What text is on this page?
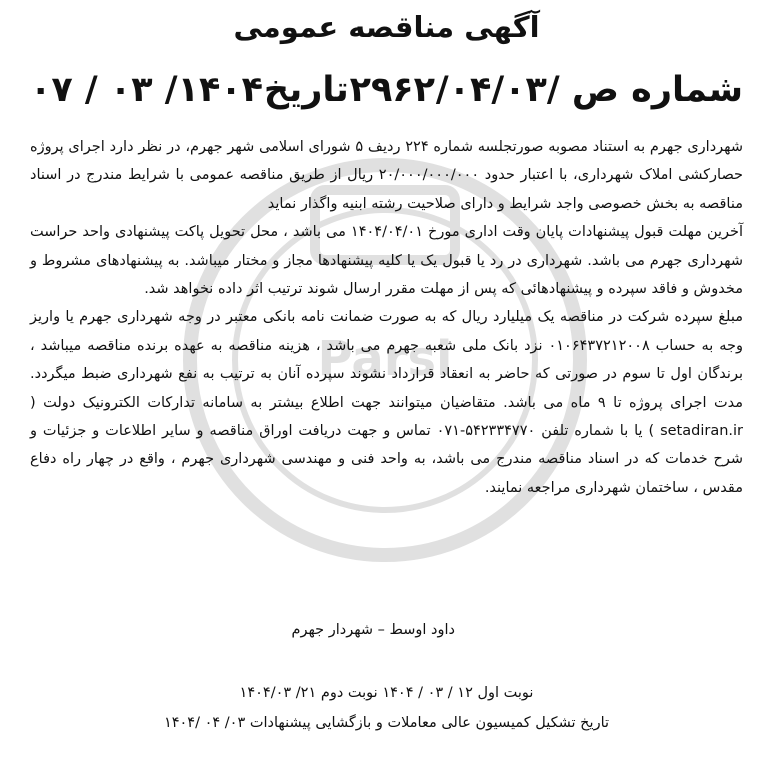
Parsi
آگهی مناقصه عمومی
شماره ص /۰۴/۰۳/
۲۹۶۲
تاریخ
۱۴۰۴/ ۰۳ / ۰۷

شهرداری جهرم به استناد مصوبه صورتجلسه شماره ۲۲۴ ردیف ۵ شورای اسلامی شهر جهرم، در نظر دارد اجرای پروژه حصارکشی املاک شهرداری، با اعتبار حدود ۲۰/۰۰۰/۰۰۰/۰۰۰ ریال از طریق مناقصه عمومی با شرایط مندرج در اسناد مناقصه به بخش خصوصی واجد شرایط و دارای صلاحیت رشته ابنیه واگذار نماید

آخرین مهلت قبول پیشنهادات پایان وقت اداری مورخ ۱۴۰۴/۰۴/۰۱ می باشد ، محل تحویل پاکت پیشنهادی واحد حراست شهرداری جهرم می باشد. شهرداری در رد یا قبول یک یا کلیه پیشنهادها مجاز و مختار میباشد. به پیشنهادهای مشروط و مخدوش و فاقد سپرده و پیشنهادهائی که پس از مهلت مقرر ارسال شوند ترتیب اثر داده نخواهد شد.

مبلغ سپرده شرکت در مناقصه یک میلیارد ریال که به صورت ضمانت نامه بانکی معتبر در وجه شهرداری جهرم یا واریز وجه به حساب ۰۱۰۶۴۳۷۲۱۲۰۰۸ نزد بانک ملی شعبه جهرم می باشد ، هزینه مناقصه به عهده برنده مناقصه میباشد ، برندگان اول تا سوم در صورتی که حاضر به انعقاد قرارداد نشوند سپرده آنان به ترتیب به نفع شهرداری ضبط میگردد. مدت اجرای پروژه تا ۹ ماه می باشد. متقاضیان میتوانند جهت اطلاع بیشتر به سامانه تدارکات الکترونیک دولت ( setadiran.ir ) یا با شماره تلفن ۵۴۲۳۳۴۷۷۰-۰۷۱ تماس و جهت دریافت اوراق مناقصه و سایر اطلاعات و جزئیات و شرح خدمات که در اسناد مناقصه مندرج می باشد، به واحد فنی و مهندسی شهرداری جهرم ، واقع در چهار راه دفاع مقدس ، ساختمان شهرداری مراجعه نمایند.

داود اوسط – شهردار جهرم
نوبت اول ۱۲ / ۰۳ / ۱۴۰۴ نوبت دوم ۲۱/ ۱۴۰۴/۰۳
تاریخ تشکیل کمیسیون عالی معاملات و بازگشایی پیشنهادات ۰۳/ ۰۴ /۱۴۰۴
